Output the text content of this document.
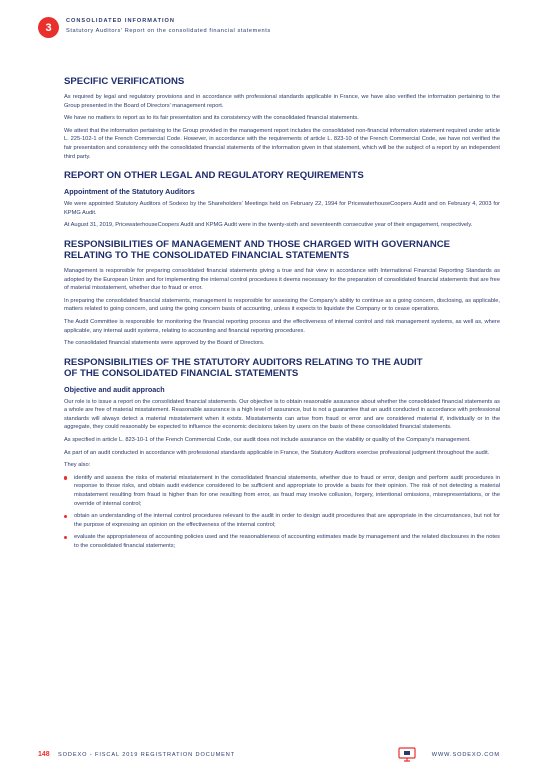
3
CONSOLIDATED INFORMATION
Statutory Auditors' Report on the consolidated financial statements
SPECIFIC VERIFICATIONS

As required by legal and regulatory provisions and in accordance with professional standards applicable in France, we have also verified the information pertaining to the Group presented in the Board of Directors' management report.

We have no matters to report as to its fair presentation and its consistency with the consolidated financial statements.

We attest that the information pertaining to the Group provided in the management report includes the consolidated non-financial information statement required under article L. 225-102-1 of the French Commercial Code. However, in accordance with the requirements of article L. 823-10 of the French Commercial Code, we have not verified the fair presentation and consistency with the consolidated financial statements of the information given in that statement, which will be the subject of a report by an independent third party.

REPORT ON OTHER LEGAL AND REGULATORY REQUIREMENTS
Appointment of the Statutory Auditors

We were appointed Statutory Auditors of Sodexo by the Shareholders' Meetings held on February 22, 1994 for PricewaterhouseCoopers Audit and on February 4, 2003 for KPMG Audit.

At August 31, 2019, PricewaterhouseCoopers Audit and KPMG Audit were in the twenty-sixth and seventeenth consecutive year of their engagement, respectively.

RESPONSIBILITIES OF MANAGEMENT AND THOSE CHARGED WITH GOVERNANCE
RELATING TO THE CONSOLIDATED FINANCIAL STATEMENTS

Management is responsible for preparing consolidated financial statements giving a true and fair view in accordance with International Financial Reporting Standards as adopted by the European Union and for implementing the internal control procedures it deems necessary for the preparation of consolidated financial statements that are free of material misstatement, whether due to fraud or error.

In preparing the consolidated financial statements, management is responsible for assessing the Company's ability to continue as a going concern, disclosing, as applicable, matters related to going concern, and using the going concern basis of accounting, unless it expects to liquidate the Company or to cease operations.

The Audit Committee is responsible for monitoring the financial reporting process and the effectiveness of internal control and risk management systems, as well as, where applicable, any internal audit systems, relating to accounting and financial reporting procedures.

The consolidated financial statements were approved by the Board of Directors.

RESPONSIBILITIES OF THE STATUTORY AUDITORS RELATING TO THE AUDIT
OF THE CONSOLIDATED FINANCIAL STATEMENTS
Objective and audit approach

Our role is to issue a report on the consolidated financial statements. Our objective is to obtain reasonable assurance about whether the consolidated financial statements as a whole are free of material misstatement. Reasonable assurance is a high level of assurance, but is not a guarantee that an audit conducted in accordance with professional standards will always detect a material misstatement when it exists. Misstatements can arise from fraud or error and are considered material if, individually or in the aggregate, they could reasonably be expected to influence the economic decisions taken by users on the basis of these consolidated financial statements.

As specified in article L. 823-10-1 of the French Commercial Code, our audit does not include assurance on the viability or quality of the Company's management.

As part of an audit conducted in accordance with professional standards applicable in France, the Statutory Auditors exercise professional judgment throughout the audit.

They also:

identify and assess the risks of material misstatement in the consolidated financial statements, whether due to fraud or error, design and perform audit procedures in response to those risks, and obtain audit evidence considered to be sufficient and appropriate to provide a basis for their opinion. The risk of not detecting a material misstatement resulting from fraud is higher than for one resulting from error, as fraud may involve collusion, forgery, intentional omissions, misrepresentations, or the override of internal control;
obtain an understanding of the internal control procedures relevant to the audit in order to design audit procedures that are appropriate in the circumstances, but not for the purpose of expressing an opinion on the effectiveness of the internal control;
evaluate the appropriateness of accounting policies used and the reasonableness of accounting estimates made by management and the related disclosures in the notes to the consolidated financial statements;
148 SODEXO - FISCAL 2019 REGISTRATION DOCUMENT	WWW.SODEXO.COM
